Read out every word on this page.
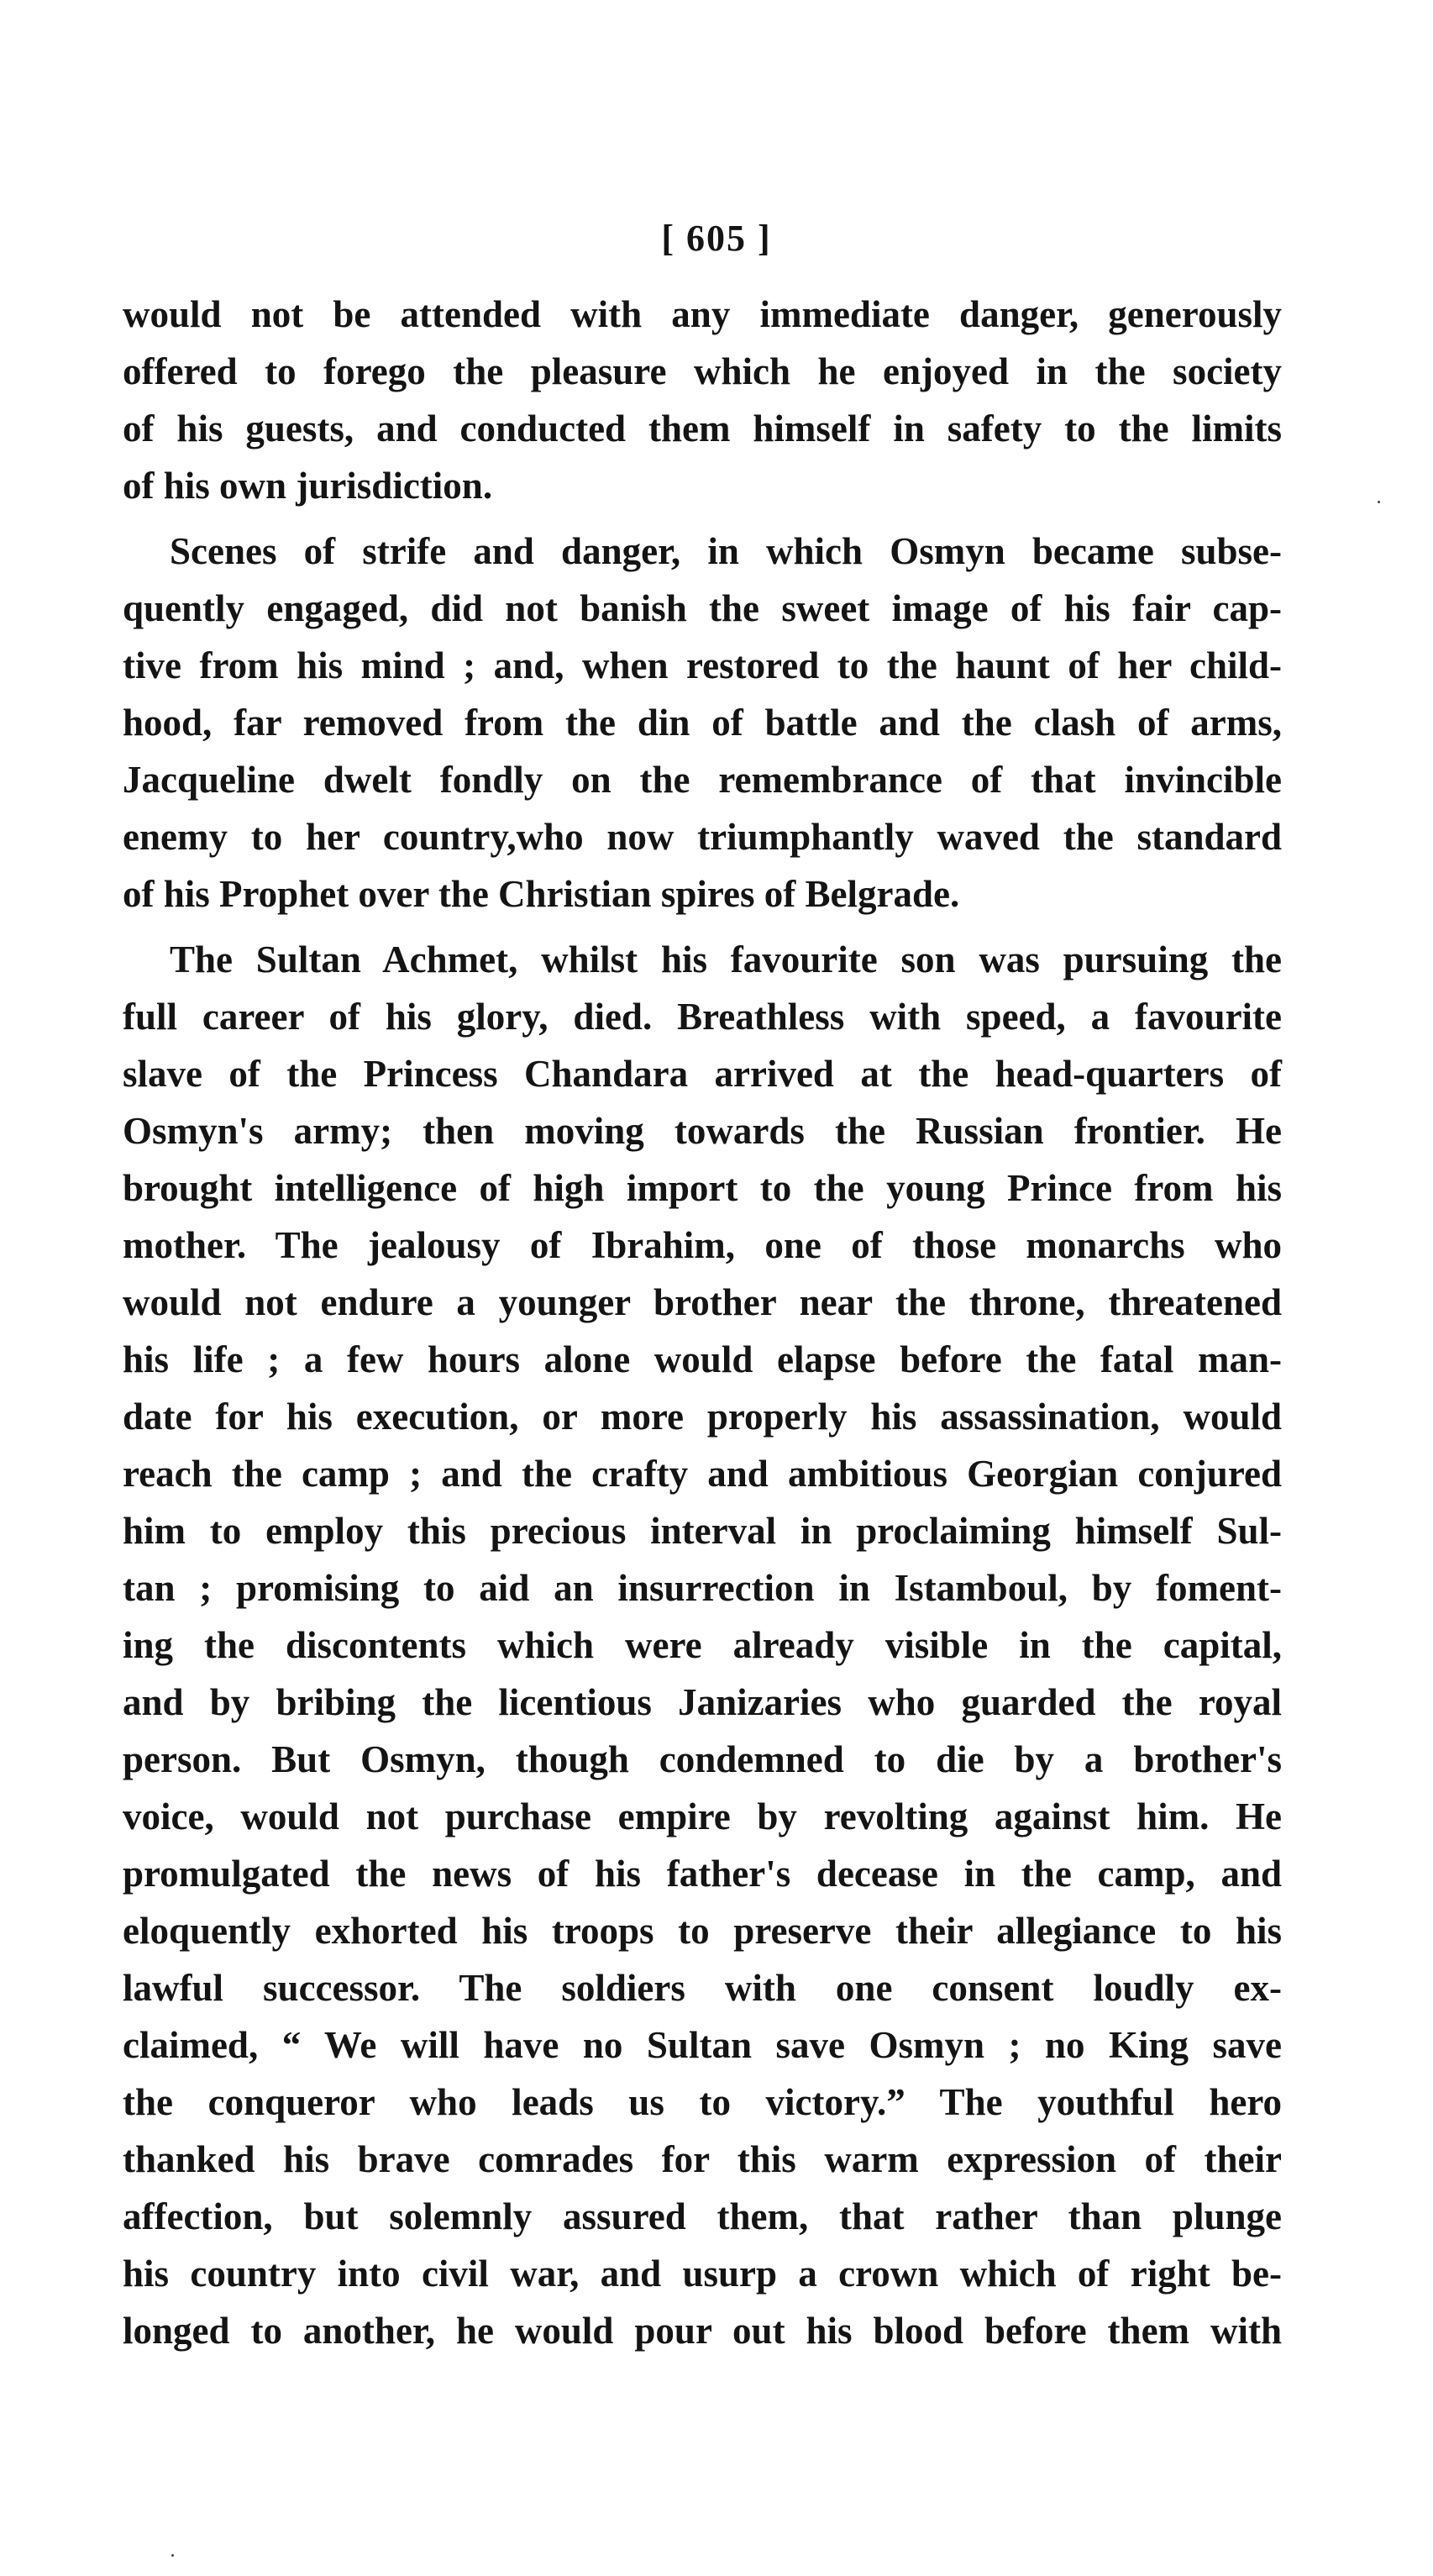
[ 605 ]
would not be attended with any immediate danger, generously
offered to forego the pleasure which he enjoyed in the society
of his guests, and conducted them himself in safety to the limits
of his own jurisdiction.
Scenes of strife and danger, in which Osmyn became subse-
quently engaged, did not banish the sweet image of his fair cap-
tive from his mind ; and, when restored to the haunt of her child-
hood, far removed from the din of battle and the clash of arms,
Jacqueline dwelt fondly on the remembrance of that invincible
enemy to her country,who now triumphantly waved the standard
of his Prophet over the Christian spires of Belgrade.
The Sultan Achmet, whilst his favourite son was pursuing the
full career of his glory, died. Breathless with speed, a favourite
slave of the Princess Chandara arrived at the head-quarters of
Osmyn's army; then moving towards the Russian frontier. He
brought intelligence of high import to the young Prince from his
mother. The jealousy of Ibrahim, one of those monarchs who
would not endure a younger brother near the throne, threatened
his life ; a few hours alone would elapse before the fatal man-
date for his execution, or more properly his assassination, would
reach the camp ; and the crafty and ambitious Georgian conjured
him to employ this precious interval in proclaiming himself Sul-
tan ; promising to aid an insurrection in Istamboul, by foment-
ing the discontents which were already visible in the capital,
and by bribing the licentious Janizaries who guarded the royal
person. But Osmyn, though condemned to die by a brother's
voice, would not purchase empire by revolting against him. He
promulgated the news of his father's decease in the camp, and
eloquently exhorted his troops to preserve their allegiance to his
lawful successor. The soldiers with one consent loudly ex-
claimed, “ We will have no Sultan save Osmyn ; no King save
the conqueror who leads us to victory.” The youthful hero
thanked his brave comrades for this warm expression of their
affection, but solemnly assured them, that rather than plunge
his country into civil war, and usurp a crown which of right be-
longed to another, he would pour out his blood before them with
